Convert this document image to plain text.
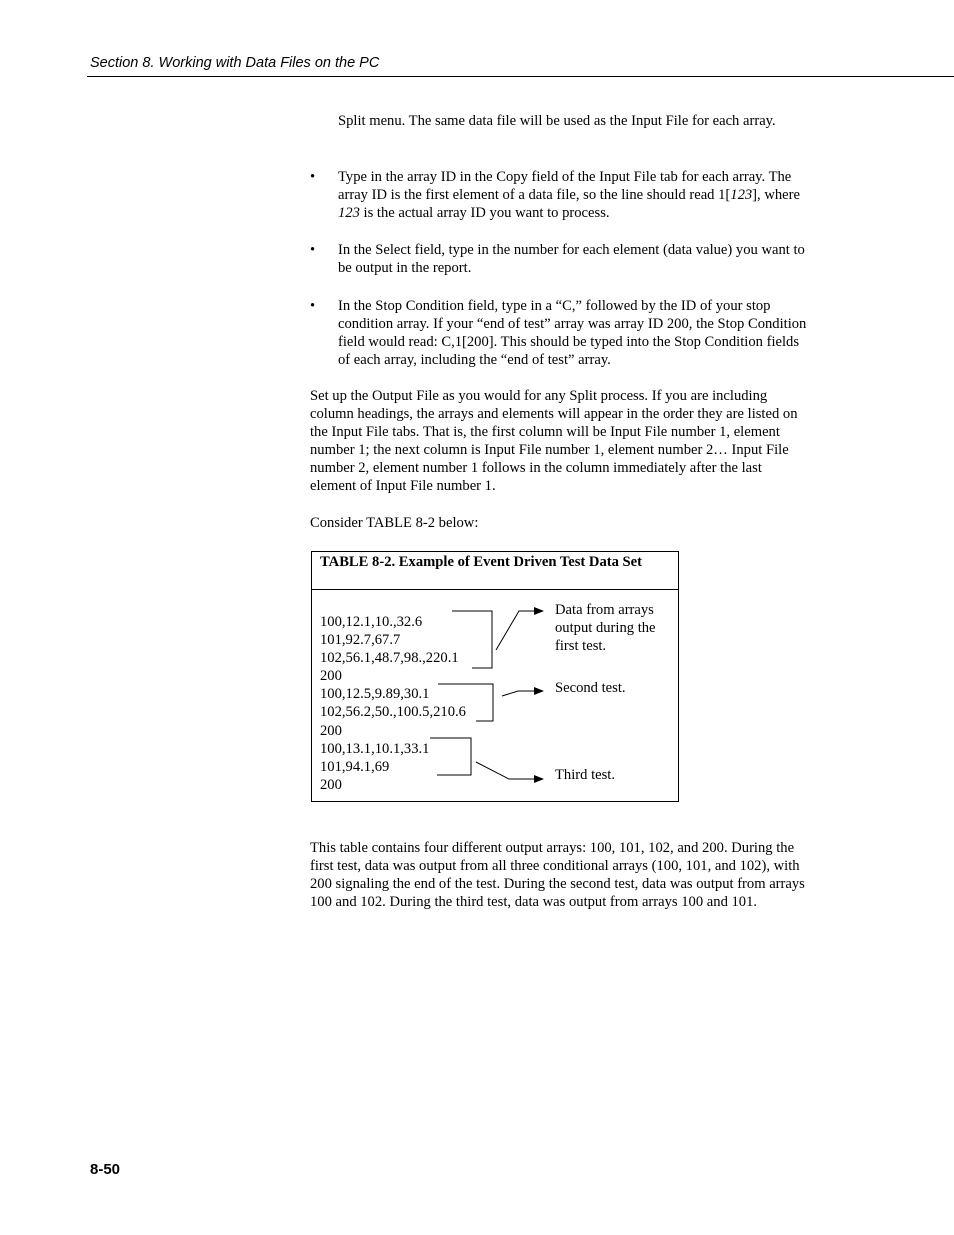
Section 8. Working with Data Files on the PC
Split menu. The same data file will be used as the Input File for each array.
• Type in the array ID in the Copy field of the Input File tab for each array. The array ID is the first element of a data file, so the line should read 1[123], where 123 is the actual array ID you want to process.
• In the Select field, type in the number for each element (data value) you want to be output in the report.
• In the Stop Condition field, type in a “C,” followed by the ID of your stop condition array. If your “end of test” array was array ID 200, the Stop Condition field would read: C,1[200]. This should be typed into the Stop Condition fields of each array, including the “end of test” array.
Set up the Output File as you would for any Split process. If you are including column headings, the arrays and elements will appear in the order they are listed on the Input File tabs. That is, the first column will be Input File number 1, element number 1; the next column is Input File number 1, element number 2… Input File number 2, element number 1 follows in the column immediately after the last element of Input File number 1.
Consider TABLE 8-2 below:
TABLE 8-2. Example of Event Driven Test Data Set
100,12.1,10.,32.6
101,92.7,67.7
102,56.1,48.7,98.,220.1
200
100,12.5,9.89,30.1
102,56.2,50.,100.5,210.6
200
100,13.1,10.1,33.1
101,94.1,69
200
Data from arrays output during the first test.
Second test.
Third test.
This table contains four different output arrays: 100, 101, 102, and 200. During the first test, data was output from all three conditional arrays (100, 101, and 102), with 200 signaling the end of the test. During the second test, data was output from arrays 100 and 102. During the third test, data was output from arrays 100 and 101.
8-50
